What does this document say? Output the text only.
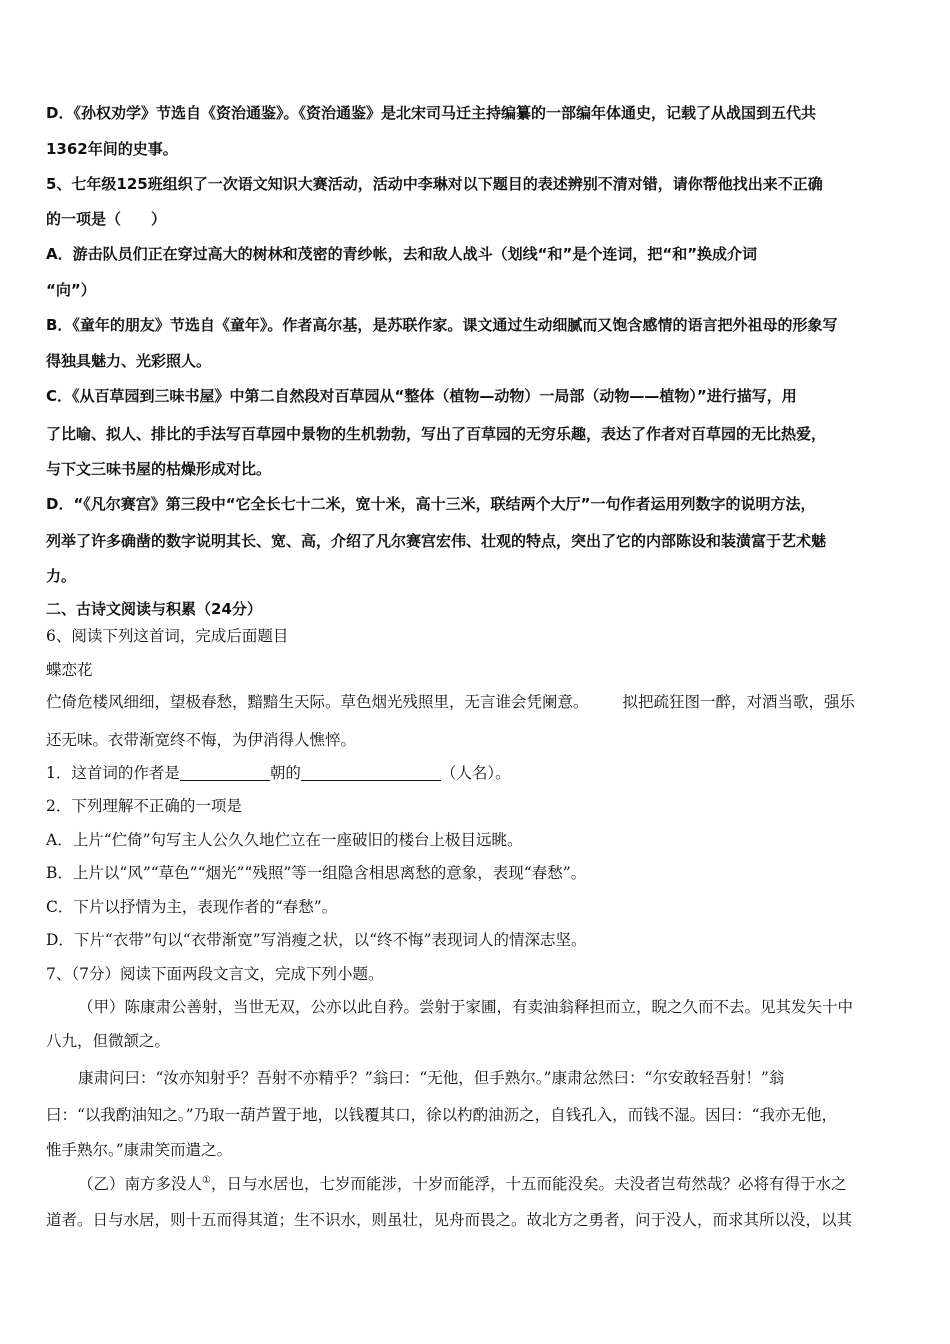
D．《孙权劝学》节选自《资治通鉴》。《资治通鉴》是北宋司马迁主持编纂的一部编年体通史，记载了从战国到五代共
1362年间的史事。
5、七年级125班组织了一次语文知识大赛活动，活动中李琳对以下题目的表述辨别不清对错，请你帮他找出来不正确
的一项是（　　）
A．游击队员们正在穿过高大的树林和茂密的青纱帐，去和敌人战斗（划线“和”是个连词，把“和”换成介词
“向”）
B．《童年的朋友》节选自《童年》。作者高尔基，是苏联作家。课文通过生动细腻而又饱含感情的语言把外祖母的形象写
得独具魅力、光彩照人。
C．《从百草园到三味书屋》中第二自然段对百草园从“整体（植物—动物）一局部（动物——植物）”进行描写，用
了比喻、拟人、排比的手法写百草园中景物的生机勃勃，写出了百草园的无穷乐趣，表达了作者对百草园的无比热爱，
与下文三味书屋的枯燥形成对比。
D．“《凡尔赛宫》第三段中“它全长七十二米，宽十米，高十三米，联结两个大厅”一句作者运用列数字的说明方法，
列举了许多确凿的数字说明其长、宽、高，介绍了凡尔赛宫宏伟、壮观的特点，突出了它的内部陈设和装潢富于艺术魅
力。
二、古诗文阅读与积累（24分）
6、阅读下列这首词，完成后面题目
蝶恋花
伫倚危楼风细细，望极春愁，黯黯生天际。草色烟光残照里，无言谁会凭阑意。 拟把疏狂图一醉，对酒当歌，强乐
还无味。衣带渐宽终不悔，为伊消得人憔悴。
1．这首词的作者是	朝的	（人名）。
2．下列理解不正确的一项是
A．上片“伫倚”句写主人公久久地伫立在一座破旧的楼台上极目远眺。
B．上片以“风”“草色”“烟光”“残照”等一组隐含相思离愁的意象，表现“春愁”。
C．下片以抒情为主，表现作者的“春愁”。
D．下片“衣带”句以“衣带渐宽”写消瘦之状，以“终不悔”表现词人的情深志坚。
7、（7分）阅读下面两段文言文，完成下列小题。
（甲）陈康肃公善射，当世无双，公亦以此自矜。尝射于家圃，有卖油翁释担而立，睨之久而不去。见其发矢十中
八九，但微颔之。
康肃问曰：“汝亦知射乎？吾射不亦精乎？”翁曰：“无他，但手熟尔。”康肃忿然曰：“尔安敢轻吾射！”翁
曰：“以我酌油知之。”乃取一葫芦置于地，以钱覆其口，徐以杓酌油沥之，自钱孔入，而钱不湿。因曰：“我亦无他，
惟手熟尔。”康肃笑而遣之。
（乙）南方多没人①，日与水居也，七岁而能涉，十岁而能浮，十五而能没矣。夫没者岂苟然哉？必将有得于水之
道者。日与水居，则十五而得其道；生不识水，则虽壮，见舟而畏之。故北方之勇者，问于没人，而求其所以没，以其
